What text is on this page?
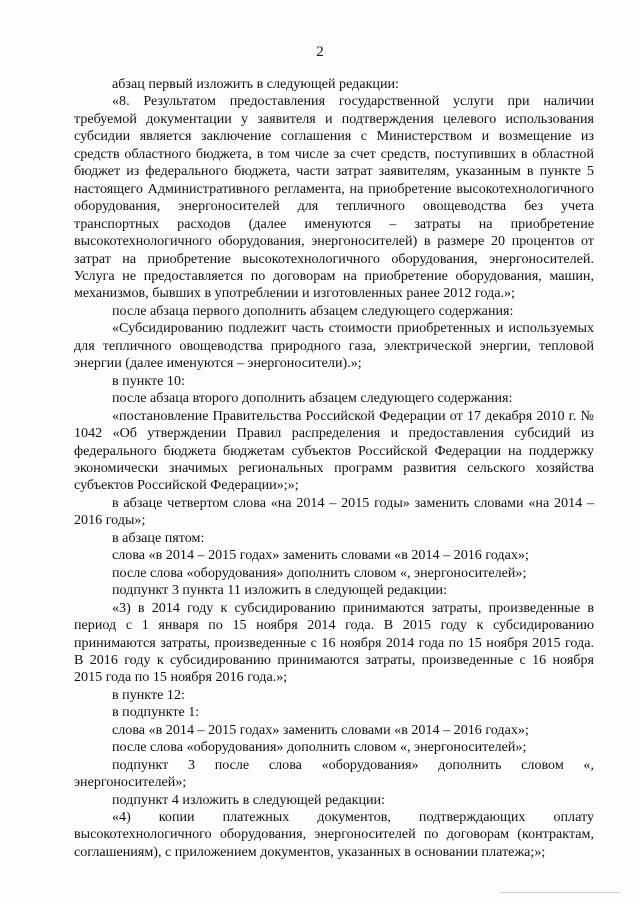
2

абзац первый изложить в следующей редакции:

«8. Результатом предоставления государственной услуги при наличии требуемой документации у заявителя и подтверждения целевого использования субсидии является заключение соглашения с Министерством и возмещение из средств областного бюджета, в том числе за счет средств, поступивших в областной бюджет из федерального бюджета, части затрат заявителям, указанным в пункте 5 настоящего Административного регламента, на приобретение высокотехнологичного оборудования, энергоносителей для тепличного овощеводства без учета транспортных расходов (далее именуются – затраты на приобретение высокотехнологичного оборудования, энергоносителей) в размере 20 процентов от затрат на приобретение высокотехнологичного оборудования, энергоносителей. Услуга не предоставляется по договорам на приобретение оборудования, машин, механизмов, бывших в употреблении и изготовленных ранее 2012 года.»;

после абзаца первого дополнить абзацем следующего содержания:

«Субсидированию подлежит часть стоимости приобретенных и используемых для тепличного овощеводства природного газа, электрической энергии, тепловой энергии (далее именуются – энергоносители).»;

в пункте 10:

после абзаца второго дополнить абзацем следующего содержания:

«постановление Правительства Российской Федерации от 17 декабря 2010 г. № 1042 «Об утверждении Правил распределения и предоставления субсидий из федерального бюджета бюджетам субъектов Российской Федерации на поддержку экономически значимых региональных программ развития сельского хозяйства субъектов Российской Федерации»;»;

в абзаце четвертом слова «на 2014 – 2015 годы» заменить словами «на 2014 – 2016 годы»;

в абзаце пятом:

слова «в 2014 – 2015 годах» заменить словами «в 2014 – 2016 годах»;

после слова «оборудования» дополнить словом «, энергоносителей»;

подпункт 3 пункта 11 изложить в следующей редакции:

«3) в 2014 году к субсидированию принимаются затраты, произведенные в период с 1 января по 15 ноября 2014 года. В 2015 году к субсидированию принимаются затраты, произведенные с 16 ноября 2014 года по 15 ноября 2015 года. В 2016 году к субсидированию принимаются затраты, произведенные с 16 ноября 2015 года по 15 ноября 2016 года.»;

в пункте 12:

в подпункте 1:

слова «в 2014 – 2015 годах» заменить словами «в 2014 – 2016 годах»;

после слова «оборудования» дополнить словом «, энергоносителей»;

подпункт 3 после слова «оборудования» дополнить словом «, энергоносителей»;

подпункт 4 изложить в следующей редакции:

«4) копии платежных документов, подтверждающих оплату высокотехнологичного оборудования, энергоносителей по договорам (контрактам, соглашениям), с приложением документов, указанных в основании платежа;»;
